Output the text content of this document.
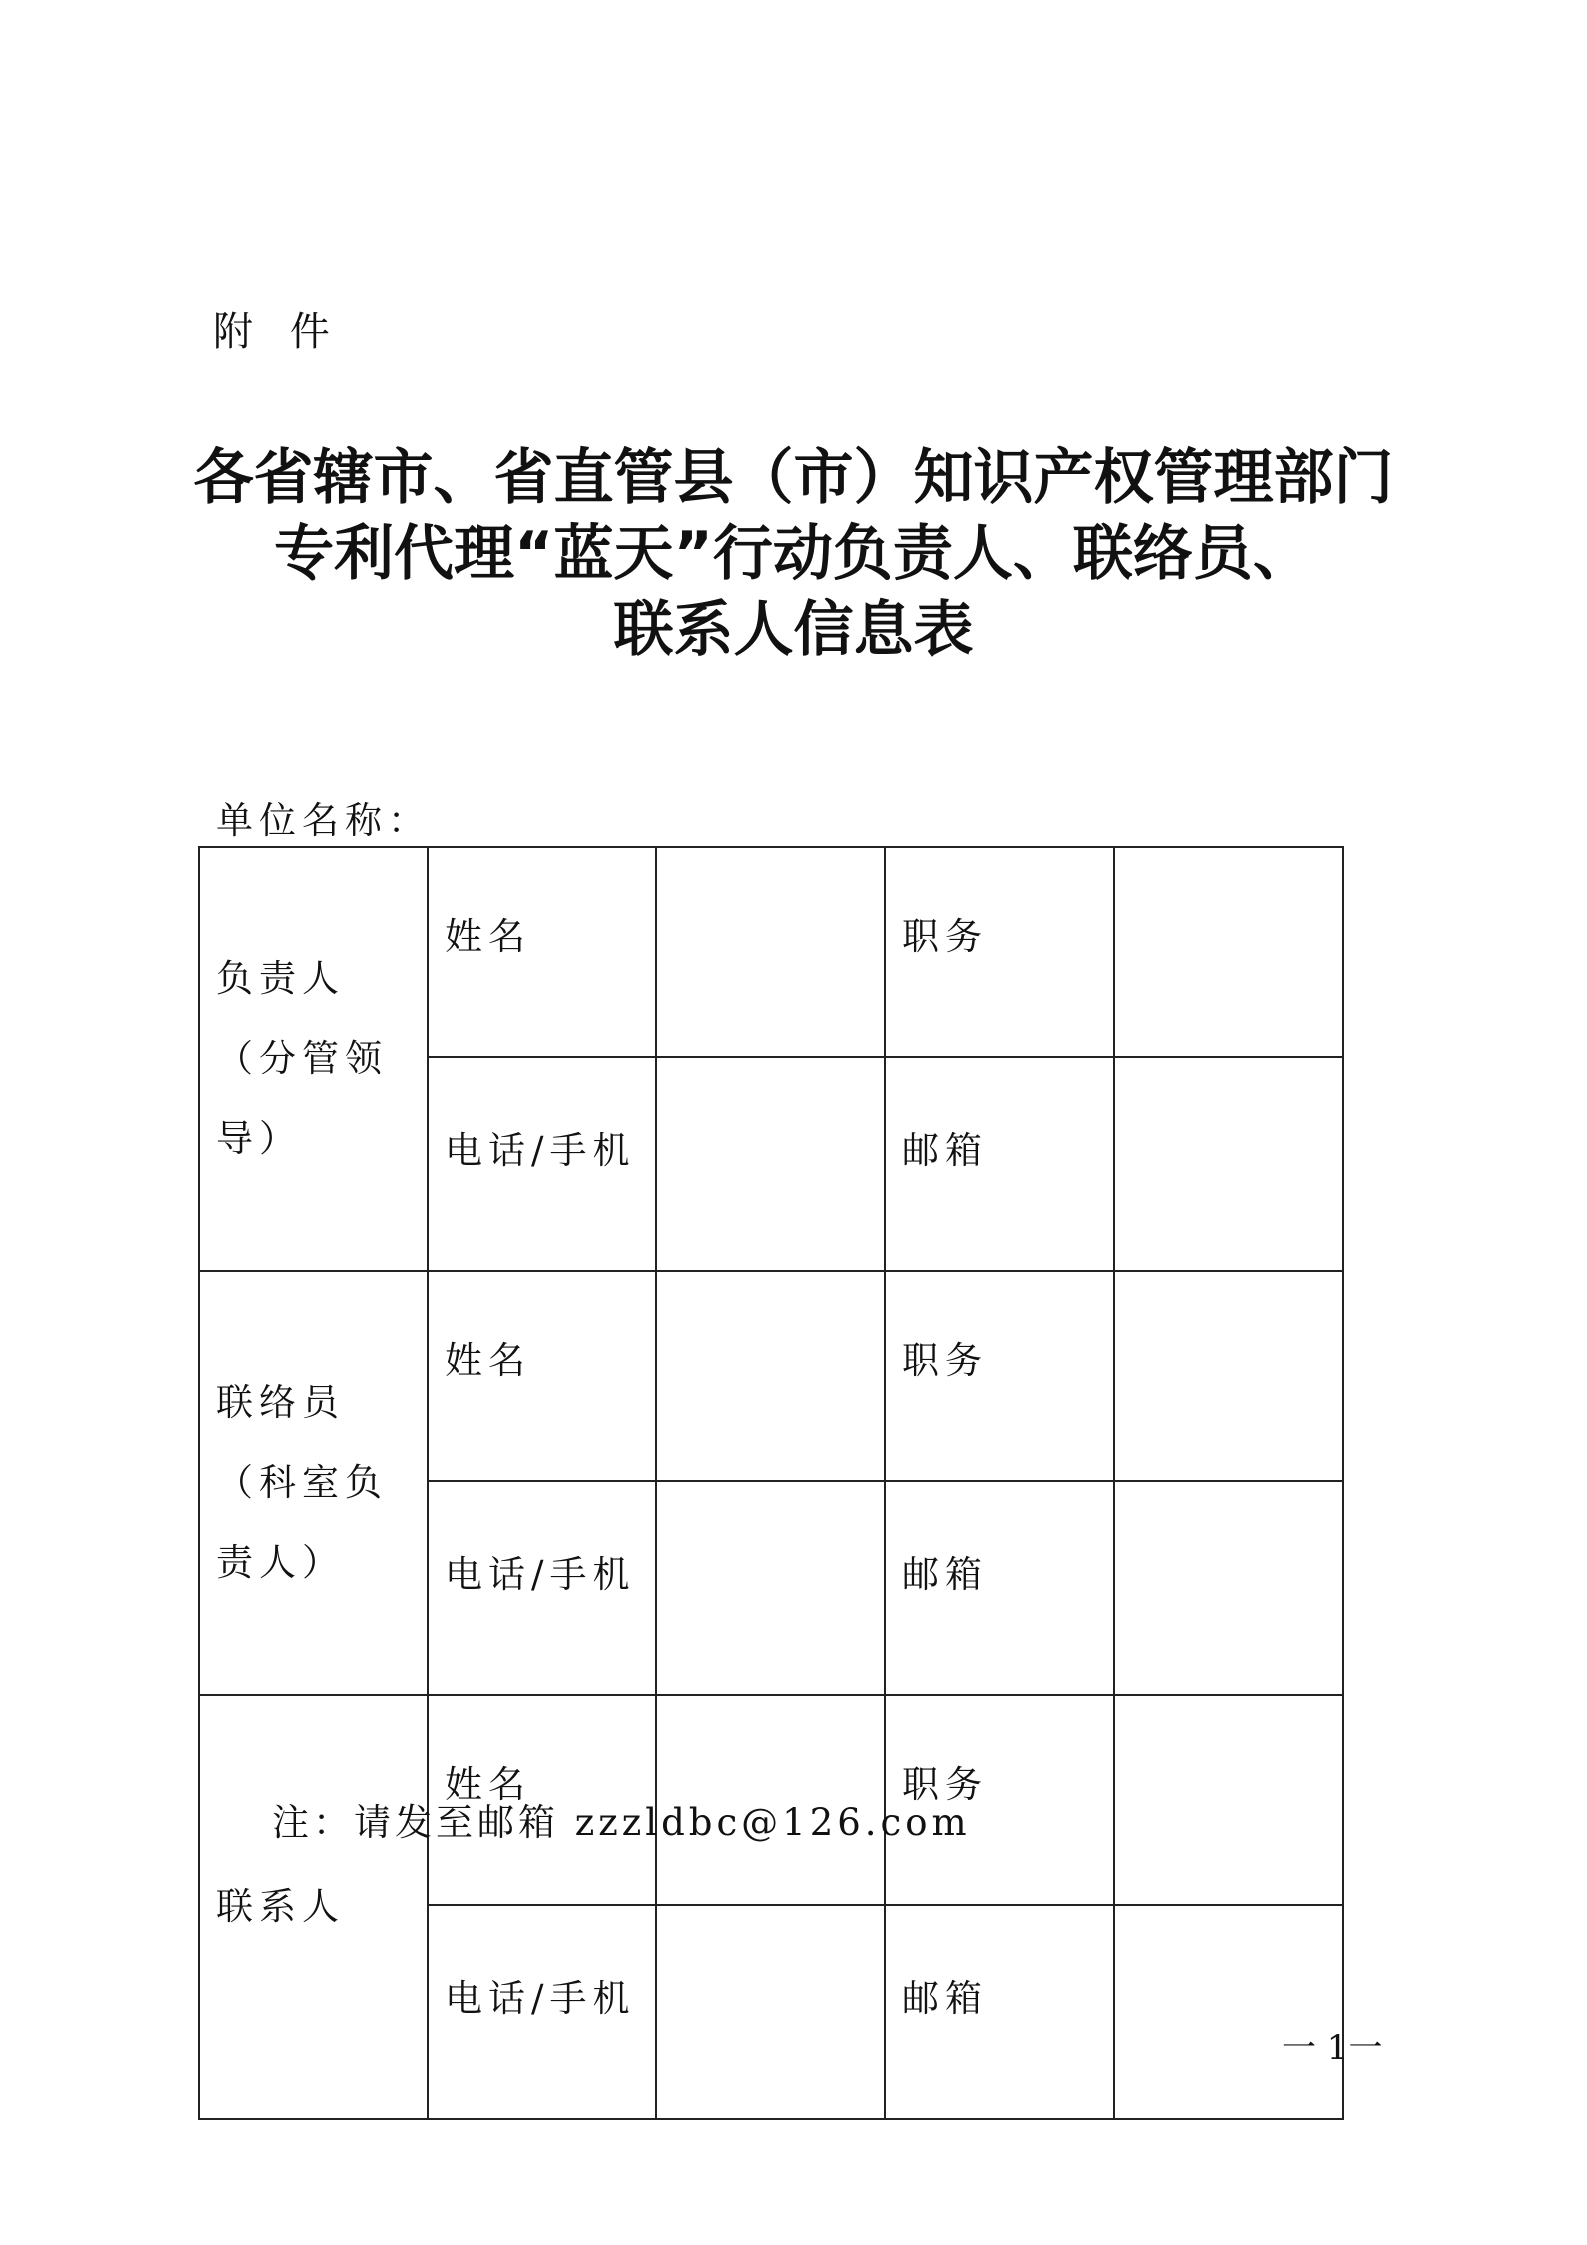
附 件
各省辖市、省直管县（市）知识产权管理部门
专利代理“蓝天”行动负责人、联络员、
联系人信息表
单位名称：
负责人（分管领导）	姓名		职务	
	电话/手机		邮箱	
联络员（科室负责人）	姓名		职务	
	电话/手机		邮箱	
联系人	姓名		职务	
	电话/手机		邮箱	
注：请发至邮箱 zzzldbc@126.com
一 1一
